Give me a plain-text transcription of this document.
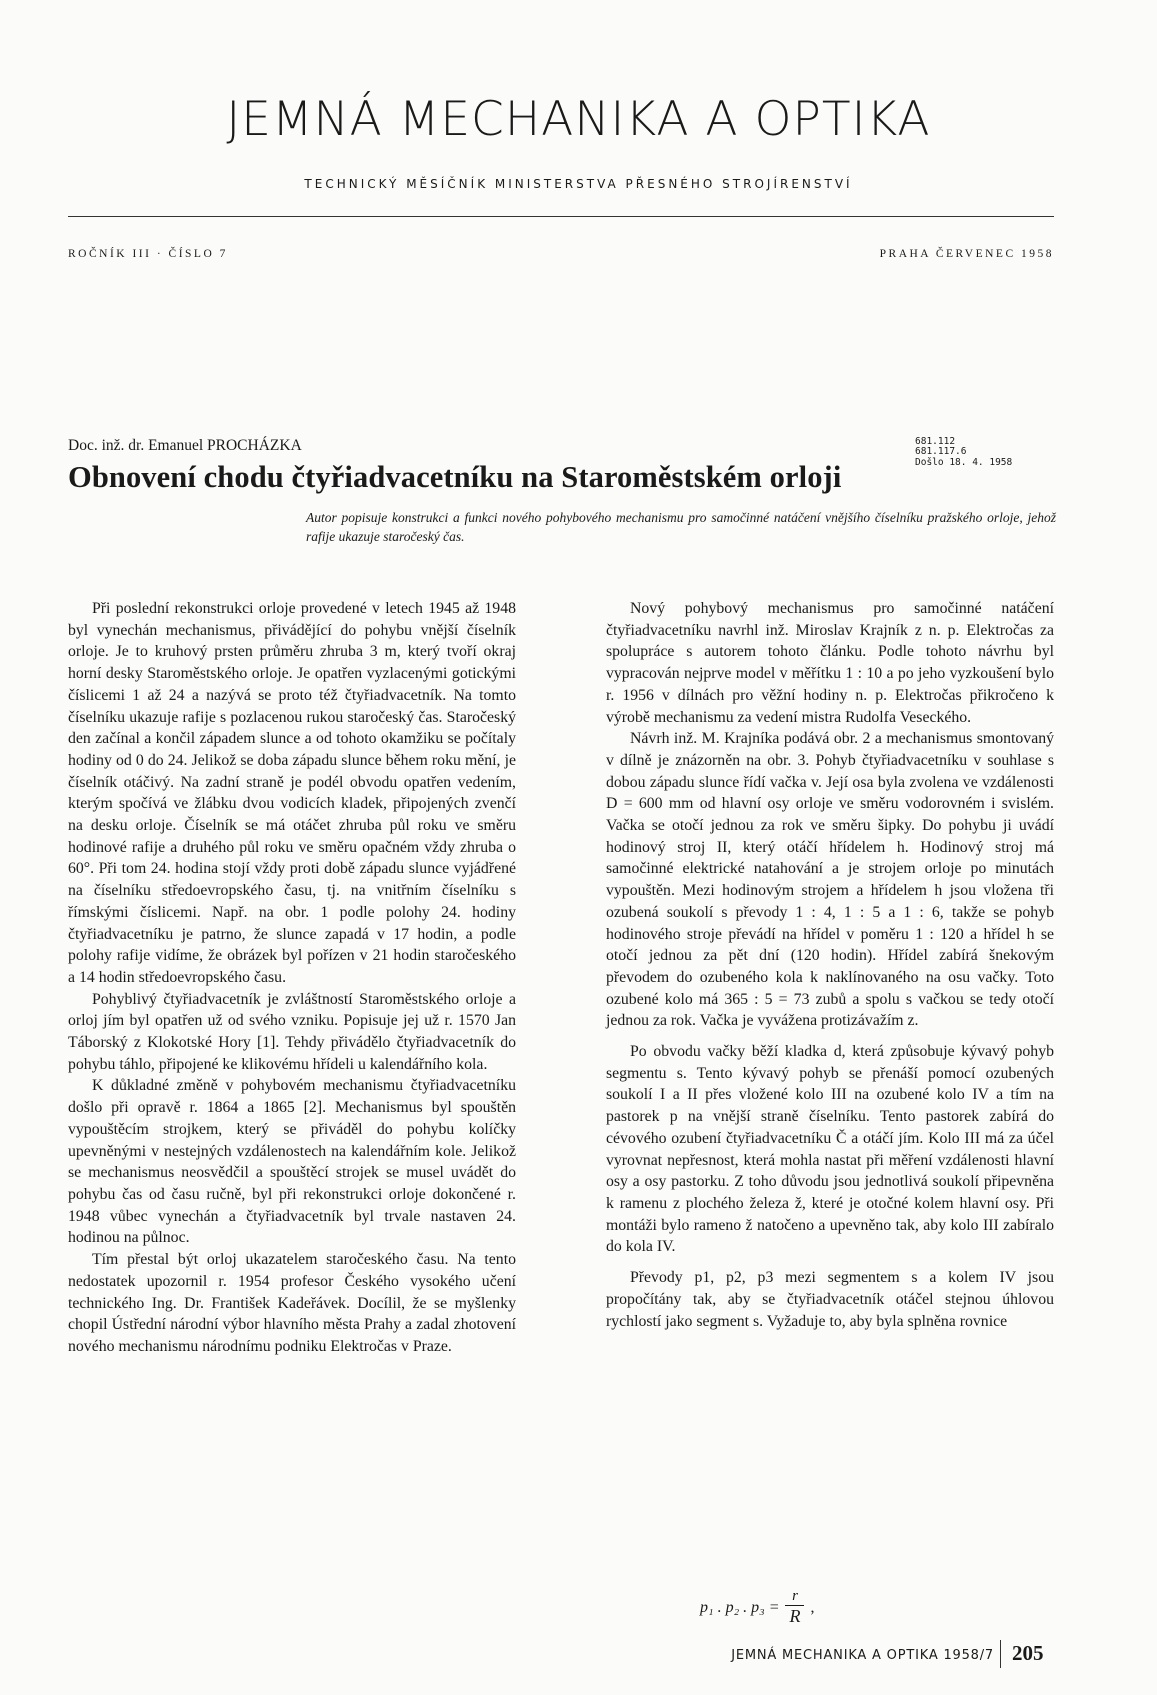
JEMNÁ MECHANIKA A OPTIKA
TECHNICKÝ MĚSÍČNÍK MINISTERSTVA PŘESNÉHO STROJÍRENSTVÍ
ROČNÍK III · ČÍSLO 7	PRAHA ČERVENEC 1958
Doc. inž. dr. Emanuel PROCHÁZKA	681.112
681.117.6
Došlo 18. 4. 1958
Obnovení chodu čtyřiadvacetníku na Staroměstském orloji
Autor popisuje konstrukci a funkci nového pohybového mechanismu pro samočinné natáčení vnějšího číselníku pražského orloje, jehož rafije ukazuje staročeský čas.

Při poslední rekonstrukci orloje provedené v letech 1945 až 1948 byl vynechán mechanismus, přivádějící do pohybu vnější číselník orloje. Je to kruhový prsten průměru zhruba 3 m, který tvoří okraj horní desky Staroměstského orloje. Je opatřen vyzlacenými gotickými číslicemi 1 až 24 a nazývá se proto též čtyřiadvacetník. Na tomto číselníku ukazuje rafije s pozlacenou rukou staročeský čas. Staročeský den začínal a končil západem slunce a od tohoto okamžiku se počítaly hodiny od 0 do 24. Jelikož se doba západu slunce během roku mění, je číselník otáčivý. Na zadní straně je podél obvodu opatřen vedením, kterým spočívá ve žlábku dvou vodicích kladek, připojených zvenčí na desku orloje. Číselník se má otáčet zhruba půl roku ve směru hodinové rafije a druhého půl roku ve směru opačném vždy zhruba o 60°. Při tom 24. hodina stojí vždy proti době západu slunce vyjádřené na číselníku středoevropského času, tj. na vnitřním číselníku s římskými číslicemi. Např. na obr. 1 podle polohy 24. hodiny čtyřiadvacetníku je patrno, že slunce zapadá v 17 hodin, a podle polohy rafije vidíme, že obrázek byl pořízen v 21 hodin staročeského a 14 hodin středoevropského času.

Pohyblivý čtyřiadvacetník je zvláštností Staroměstského orloje a orloj jím byl opatřen už od svého vzniku. Popisuje jej už r. 1570 Jan Táborský z Klokotské Hory [1]. Tehdy přivádělo čtyřiadvacetník do pohybu táhlo, připojené ke klikovému hřídeli u kalendářního kola.

K důkladné změně v pohybovém mechanismu čtyřiadvacetníku došlo při opravě r. 1864 a 1865 [2]. Mechanismus byl spouštěn vypouštěcím strojkem, který se přiváděl do pohybu kolíčky upevněnými v nestejných vzdálenostech na kalendářním kole. Jelikož se mechanismus neosvědčil a spouštěcí strojek se musel uvádět do pohybu čas od času ručně, byl při rekonstrukci orloje dokončené r. 1948 vůbec vynechán a čtyřiadvacetník byl trvale nastaven 24. hodinou na půlnoc.

Tím přestal být orloj ukazatelem staročeského času. Na tento nedostatek upozornil r. 1954 profesor Českého vysokého učení technického Ing. Dr. František Kadeřávek. Docílil, že se myšlenky chopil Ústřední národní výbor hlavního města Prahy a zadal zhotovení nového mechanismu národnímu podniku Elektročas v Praze.

Nový pohybový mechanismus pro samočinné natáčení čtyřiadvacetníku navrhl inž. Miroslav Krajník z n. p. Elektročas za spolupráce s autorem tohoto článku. Podle tohoto návrhu byl vypracován nejprve model v měřítku 1 : 10 a po jeho vyzkoušení bylo r. 1956 v dílnách pro věžní hodiny n. p. Elektročas přikročeno k výrobě mechanismu za vedení mistra Rudolfa Veseckého.

Návrh inž. M. Krajníka podává obr. 2 a mechanismus smontovaný v dílně je znázorněn na obr. 3. Pohyb čtyřiadvacetníku v souhlase s dobou západu slunce řídí vačka v. Její osa byla zvolena ve vzdálenosti D = 600 mm od hlavní osy orloje ve směru vodorovném i svislém. Vačka se otočí jednou za rok ve směru šipky. Do pohybu ji uvádí hodinový stroj II, který otáčí hřídelem h. Hodinový stroj má samočinné elektrické natahování a je strojem orloje po minutách vypouštěn. Mezi hodinovým strojem a hřídelem h jsou vložena tři ozubená soukolí s převody 1 : 4, 1 : 5 a 1 : 6, takže se pohyb hodinového stroje převádí na hřídel v poměru 1 : 120 a hřídel h se otočí jednou za pět dní (120 hodin). Hřídel zabírá šnekovým převodem do ozubeného kola k naklínovaného na osu vačky. Toto ozubené kolo má 365 : 5 = 73 zubů a spolu s vačkou se tedy otočí jednou za rok. Vačka je vyvážena protizávažím z.

Po obvodu vačky běží kladka d, která způsobuje kývavý pohyb segmentu s. Tento kývavý pohyb se přenáší pomocí ozubených soukolí I a II přes vložené kolo III na ozubené kolo IV a tím na pastorek p na vnější straně číselníku. Tento pastorek zabírá do cévového ozubení čtyřiadvacetníku Č a otáčí jím. Kolo III má za účel vyrovnat nepřesnost, která mohla nastat při měření vzdálenosti hlavní osy a osy pastorku. Z toho důvodu jsou jednotlivá soukolí připevněna k ramenu z plochého železa ž, které je otočné kolem hlavní osy. Při montáži bylo rameno ž natočeno a upevněno tak, aby kolo III zabíralo do kola IV.

Převody p1, p2, p3 mezi segmentem s a kolem IV jsou propočítány tak, aby se čtyřiadvacetník otáčel stejnou úhlovou rychlostí jako segment s. Vyžaduje to, aby byla splněna rovnice

p₁ . p₂ . $p_3 = \frac{r}{R}$ ,
JEMNÁ MECHANIKA A OPTIKA 1958/7 205
